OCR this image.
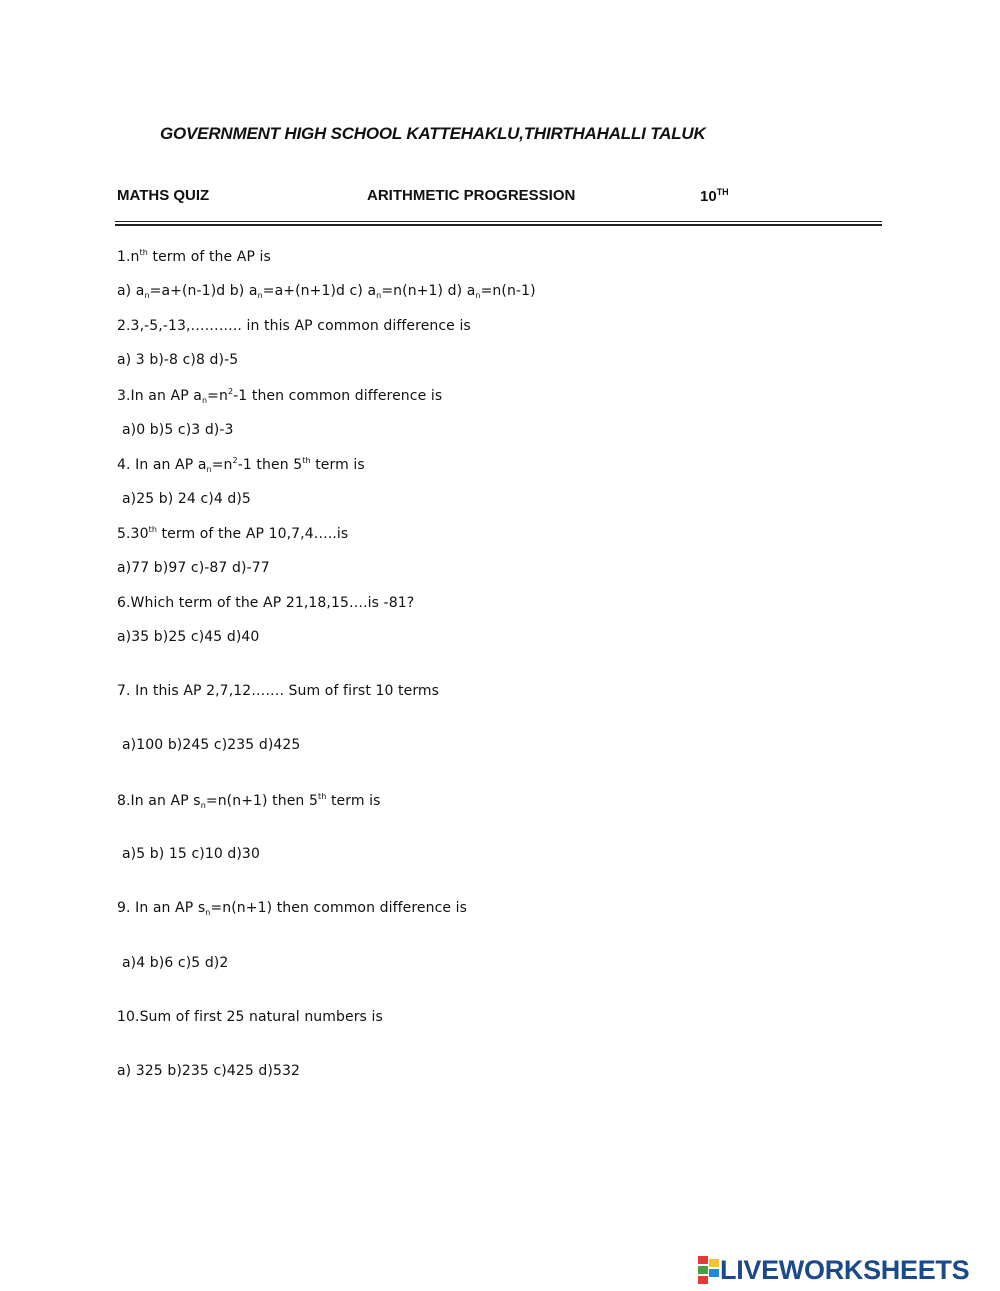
GOVERNMENT HIGH SCHOOL KATTEHAKLU,THIRTHAHALLI TALUK
MATHS QUIZ	ARITHMETIC PROGRESSION	10TH
$1.n^{th}$ term of the AP is
a) $a_n=a+(n-1)d$ b) $a_n=a+(n+1)d$ c) $a_n=n(n+1)$ d) $a_n=n(n-1)$
2.3,-5,-13,……….. in this AP common difference is
a) 3 b)-8 c)8 d)-5
3.In an AP $a_n=n^2-1$ then common difference is
a)0 b)5 c)3 d)-3
4. In an AP $a_n=n^2-1$ then 5th term is
a)25 b) 24 c)4 d)5
5.30th term of the AP 10,7,4…..is
a)77 b)97 c)-87 d)-77
6.Which term of the AP 21,18,15….is -81?
a)35 b)25 c)45 d)40
7. In this AP 2,7,12……. Sum of first 10 terms
a)100 b)245 c)235 d)425
8.In an AP $s_n=n(n+1)$ then 5th term is
a)5 b) 15 c)10 d)30
9. In an AP $s_n=n(n+1)$ then common difference is
a)4 b)6 c)5 d)2
10.Sum of first 25 natural numbers is
a) 325 b)235 c)425 d)532
LIVEWORKSHEETS
